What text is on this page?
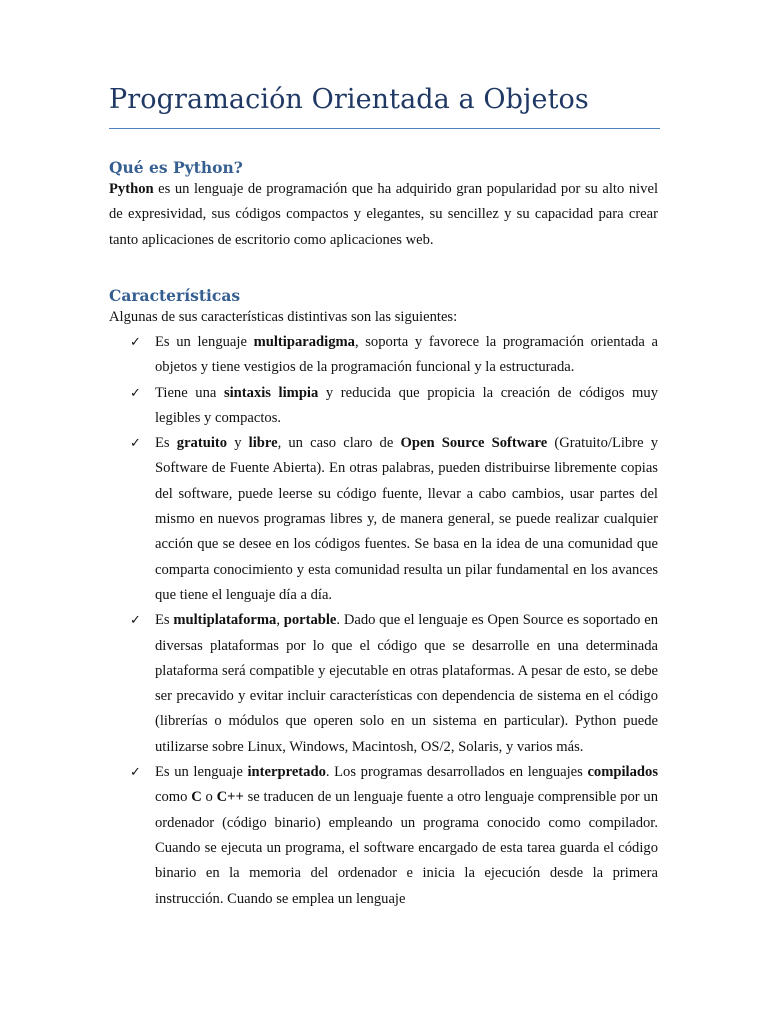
Programación Orientada a Objetos
Qué es Python?
Python es un lenguaje de programación que ha adquirido gran popularidad por su alto nivel de expresividad, sus códigos compactos y elegantes, su sencillez y su capacidad para crear tanto aplicaciones de escritorio como aplicaciones web.
Características
Algunas de sus características distintivas son las siguientes:
✓ Es un lenguaje multiparadigma, soporta y favorece la programación orientada a objetos y tiene vestigios de la programación funcional y la estructurada.
✓ Tiene una sintaxis limpia y reducida que propicia la creación de códigos muy legibles y compactos.
✓ Es gratuito y libre, un caso claro de Open Source Software (Gratuito/Libre y Software de Fuente Abierta). En otras palabras, pueden distribuirse libremente copias del software, puede leerse su código fuente, llevar a cabo cambios, usar partes del mismo en nuevos programas libres y, de manera general, se puede realizar cualquier acción que se desee en los códigos fuentes. Se basa en la idea de una comunidad que comparta conocimiento y esta comunidad resulta un pilar fundamental en los avances que tiene el lenguaje día a día.
✓ Es multiplataforma, portable. Dado que el lenguaje es Open Source es soportado en diversas plataformas por lo que el código que se desarrolle en una determinada plataforma será compatible y ejecutable en otras plataformas. A pesar de esto, se debe ser precavido y evitar incluir características con dependencia de sistema en el código (librerías o módulos que operen solo en un sistema en particular). Python puede utilizarse sobre Linux, Windows, Macintosh, OS/2, Solaris, y varios más.
✓ Es un lenguaje interpretado. Los programas desarrollados en lenguajes compilados como C o C++ se traducen de un lenguaje fuente a otro lenguaje comprensible por un ordenador (código binario) empleando un programa conocido como compilador. Cuando se ejecuta un programa, el software encargado de esta tarea guarda el código binario en la memoria del ordenador e inicia la ejecución desde la primera instrucción. Cuando se emplea un lenguaje
